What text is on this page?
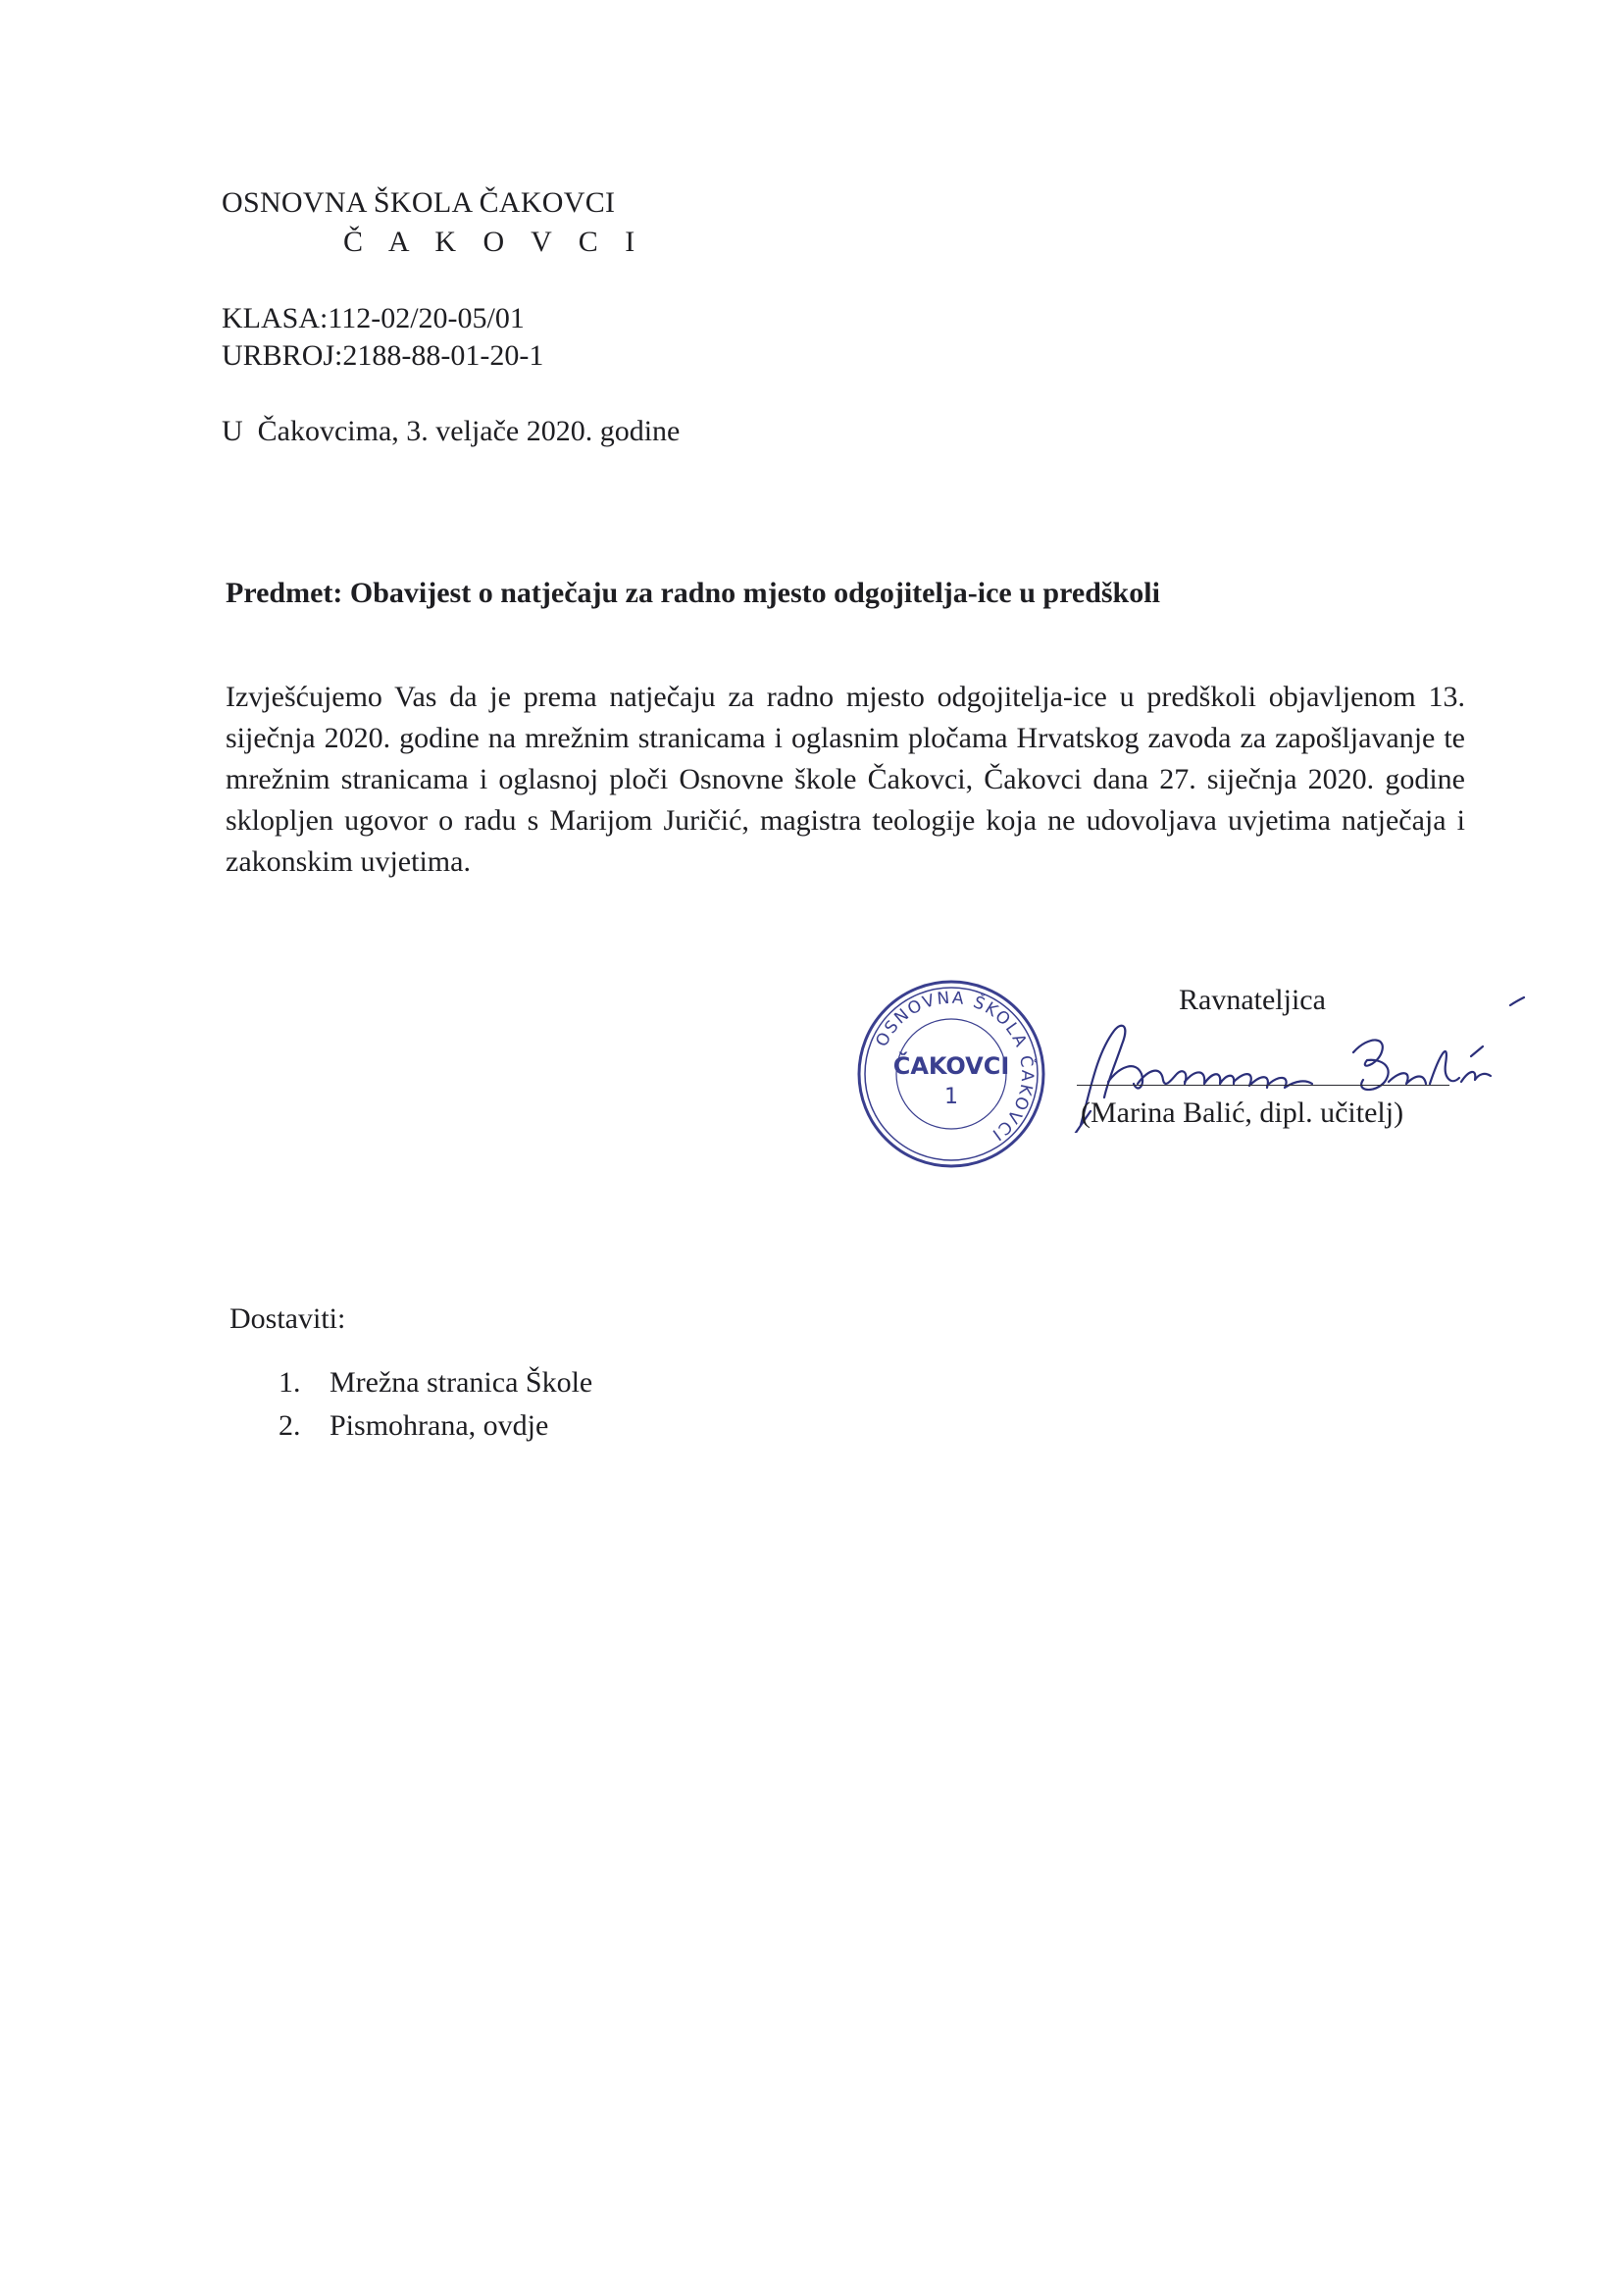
OSNOVNA ŠKOLA ČAKOVCI
Č A K O V C I
KLASA:112-02/20-05/01
URBROJ:2188-88-01-20-1
U  Čakovcima, 3. veljače 2020. godine
Predmet: Obavijest o natječaju za radno mjesto odgojitelja-ice u predškoli
Izvješćujemo Vas da je prema natječaju za radno mjesto odgojitelja-ice u predškoli objavljenom 13. siječnja 2020. godine na mrežnim stranicama i oglasnim pločama Hrvatskog zavoda za zapošljavanje te mrežnim stranicama i oglasnoj ploči Osnovne škole Čakovci, Čakovci dana 27. siječnja 2020. godine sklopljen ugovor o radu s Marijom Juričić, magistra teologije koja ne udovoljava uvjetima natječaja i zakonskim uvjetima.
OSNOVNA ŠKOLA ČAKOVCI
ČAKOVCI
1
Ravnateljica
(Marina Balić, dipl. učitelj)
Dostaviti:
1. Mrežna stranica Škole
2. Pismohrana, ovdje
